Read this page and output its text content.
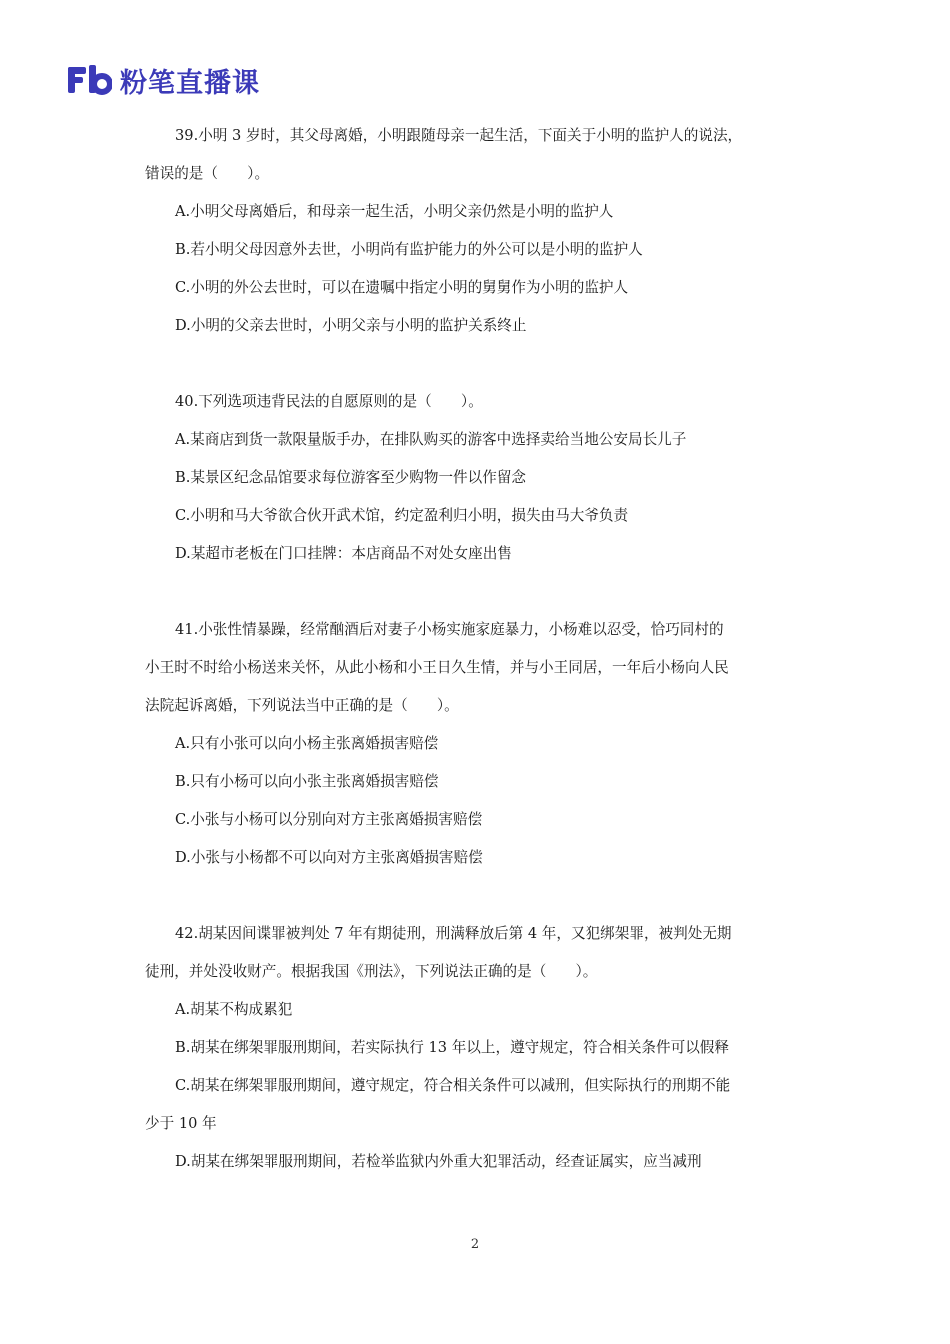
粉笔直播课
39.小明 3 岁时，其父母离婚，小明跟随母亲一起生活，下面关于小明的监护人的说法，
错误的是（　　）。
A.小明父母离婚后，和母亲一起生活，小明父亲仍然是小明的监护人
B.若小明父母因意外去世，小明尚有监护能力的外公可以是小明的监护人
C.小明的外公去世时，可以在遗嘱中指定小明的舅舅作为小明的监护人
D.小明的父亲去世时，小明父亲与小明的监护关系终止
40.下列选项违背民法的自愿原则的是（　　）。
A.某商店到货一款限量版手办，在排队购买的游客中选择卖给当地公安局长儿子
B.某景区纪念品馆要求每位游客至少购物一件以作留念
C.小明和马大爷欲合伙开武术馆，约定盈利归小明，损失由马大爷负责
D.某超市老板在门口挂牌：本店商品不对处女座出售
41.小张性情暴躁，经常酗酒后对妻子小杨实施家庭暴力，小杨难以忍受，恰巧同村的
小王时不时给小杨送来关怀，从此小杨和小王日久生情，并与小王同居，一年后小杨向人民
法院起诉离婚，下列说法当中正确的是（　　）。
A.只有小张可以向小杨主张离婚损害赔偿
B.只有小杨可以向小张主张离婚损害赔偿
C.小张与小杨可以分别向对方主张离婚损害赔偿
D.小张与小杨都不可以向对方主张离婚损害赔偿
42.胡某因间谍罪被判处 7 年有期徒刑，刑满释放后第 4 年，又犯绑架罪，被判处无期
徒刑，并处没收财产。根据我国《刑法》，下列说法正确的是（　　）。
A.胡某不构成累犯
B.胡某在绑架罪服刑期间，若实际执行 13 年以上，遵守规定，符合相关条件可以假释
C.胡某在绑架罪服刑期间，遵守规定，符合相关条件可以减刑，但实际执行的刑期不能
少于 10 年
D.胡某在绑架罪服刑期间，若检举监狱内外重大犯罪活动，经查证属实，应当减刑
2
